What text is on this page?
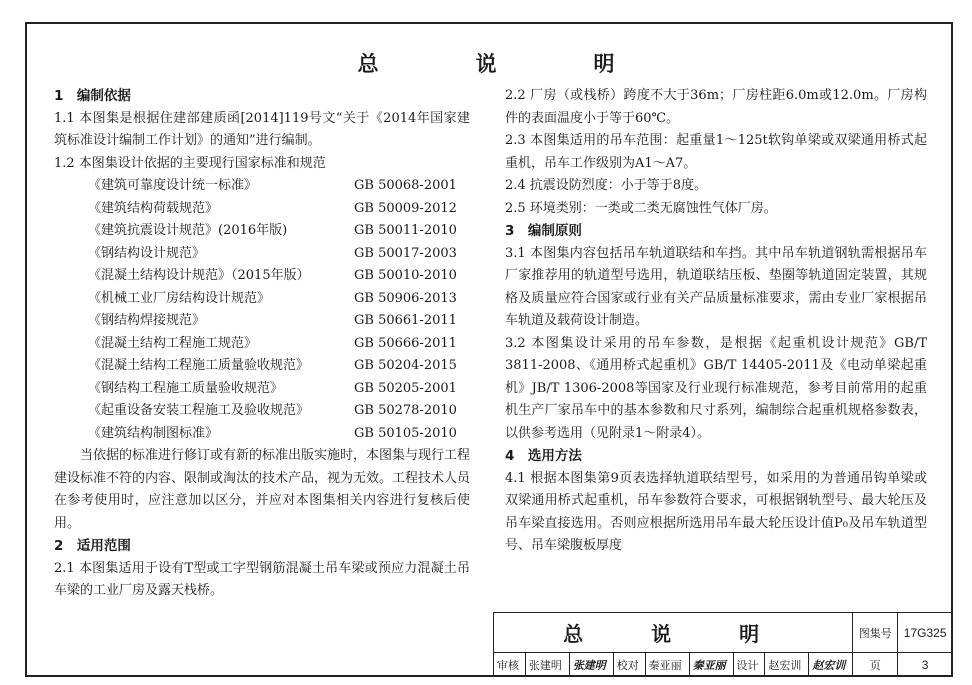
总　说　明
1　编制依据
1.1 本图集是根据住建部建质函[2014]119号文“关于《2014年国家建筑标准设计编制工作计划》的通知”进行编制。
1.2 本图集设计依据的主要现行国家标准和规范
《建筑可靠度设计统一标准》	GB 50068-2001
《建筑结构荷载规范》	GB 50009-2012
《建筑抗震设计规范》(2016年版)	GB 50011-2010
《钢结构设计规范》	GB 50017-2003
《混凝土结构设计规范》（2015年版）	GB 50010-2010
《机械工业厂房结构设计规范》	GB 50906-2013
《钢结构焊接规范》	GB 50661-2011
《混凝土结构工程施工规范》	GB 50666-2011
《混凝土结构工程施工质量验收规范》	GB 50204-2015
《钢结构工程施工质量验收规范》	GB 50205-2001
《起重设备安装工程施工及验收规范》	GB 50278-2010
《建筑结构制图标准》	GB 50105-2010
当依据的标准进行修订或有新的标准出版实施时，本图集与现行工程建设标准不符的内容、限制或淘汰的技术产品，视为无效。工程技术人员在参考使用时，应注意加以区分，并应对本图集相关内容进行复核后使用。
2　适用范围
2.1 本图集适用于设有T型或工字型钢筋混凝土吊车梁或预应力混凝土吊车梁的工业厂房及露天栈桥。
2.2 厂房（或栈桥）跨度不大于36m；厂房柱距6.0m或12.0m。厂房构件的表面温度小于等于60℃。
2.3 本图集适用的吊车范围：起重量1～125t软钩单梁或双梁通用桥式起重机，吊车工作级别为A1～A7。
2.4 抗震设防烈度：小于等于8度。
2.5 环境类别：一类或二类无腐蚀性气体厂房。
3　编制原则
3.1 本图集内容包括吊车轨道联结和车挡。其中吊车轨道钢轨需根据吊车厂家推荐用的轨道型号选用，轨道联结压板、垫圈等轨道固定装置，其规格及质量应符合国家或行业有关产品质量标准要求，需由专业厂家根据吊车轨道及载荷设计制造。
3.2 本图集设计采用的吊车参数，是根据《起重机设计规范》GB/T 3811-2008、《通用桥式起重机》GB/T 14405-2011及《电动单梁起重机》JB/T 1306-2008等国家及行业现行标准规范，参考目前常用的起重机生产厂家吊车中的基本参数和尺寸系列，编制综合起重机规格参数表，以供参考选用（见附录1～附录4）。
4　选用方法
4.1 根据本图集第9页表选择轨道联结型号，如采用的为普通吊钩单梁或双梁通用桥式起重机，吊车参数符合要求，可根据钢轨型号、最大轮压及吊车梁直接选用。否则应根据所选用吊车最大轮压设计值P₀及吊车轨道型号、吊车梁腹板厚度
总　说　明									图集号	17G325
审核	张建明	张建明	校对	秦亚丽	秦亚丽	设计	赵宏训	赵宏训	页	3
